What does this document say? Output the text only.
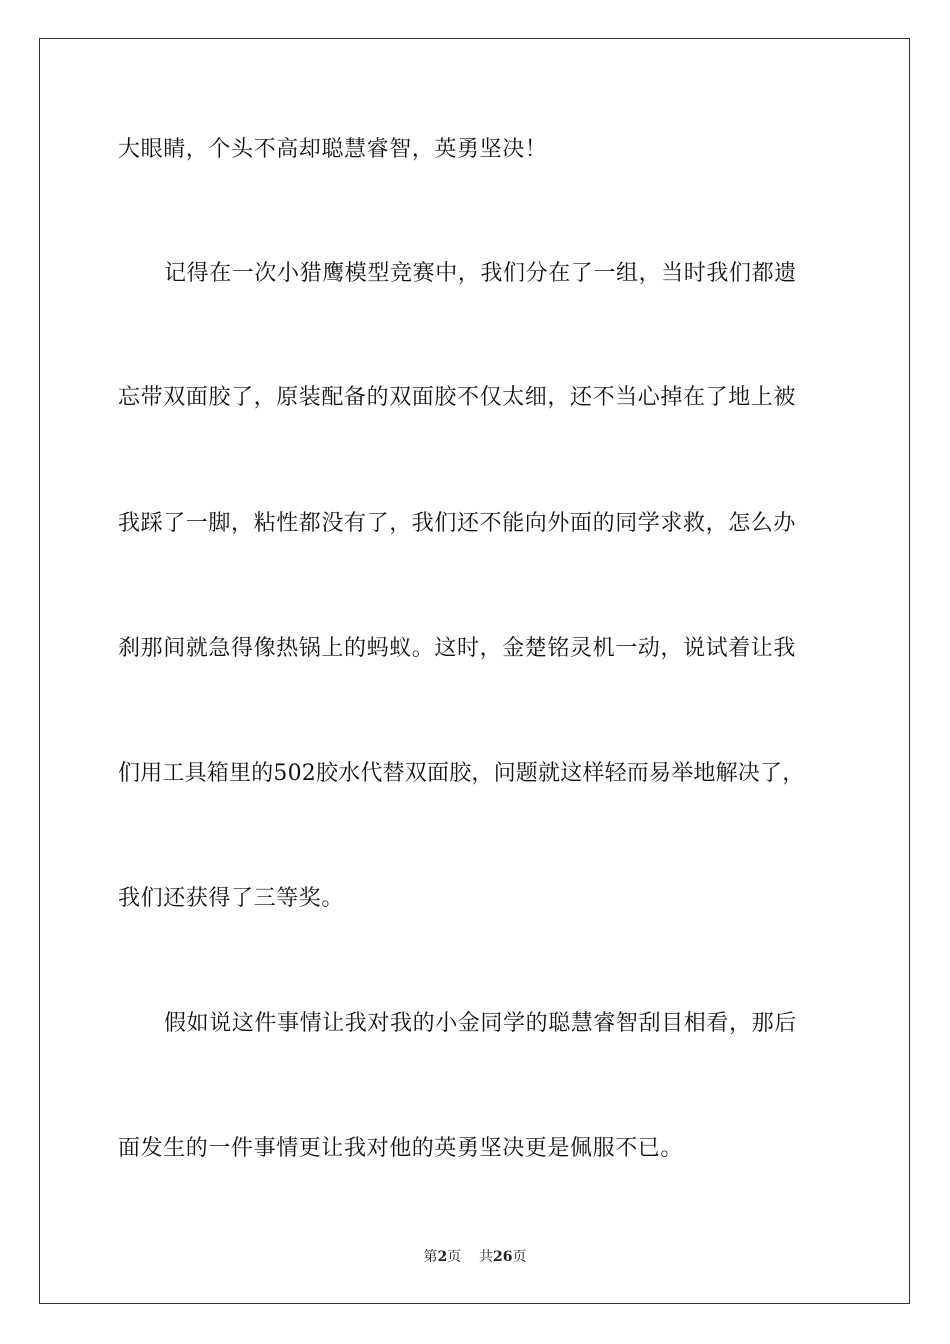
大眼睛，个头不高却聪慧睿智，英勇坚决！
记得在一次小猎鹰模型竞赛中，我们分在了一组，当时我们都遗
忘带双面胶了，原装配备的双面胶不仅太细，还不当心掉在了地上被
我踩了一脚，粘性都没有了，我们还不能向外面的同学求救，怎么办
刹那间就急得像热锅上的蚂蚁。这时，金楚铭灵机一动，说试着让我
们用工具箱里的502胶水代替双面胶，问题就这样轻而易举地解决了，
我们还获得了三等奖。
假如说这件事情让我对我的小金同学的聪慧睿智刮目相看，那后
面发生的一件事情更让我对他的英勇坚决更是佩服不已。
第2页 共26页
